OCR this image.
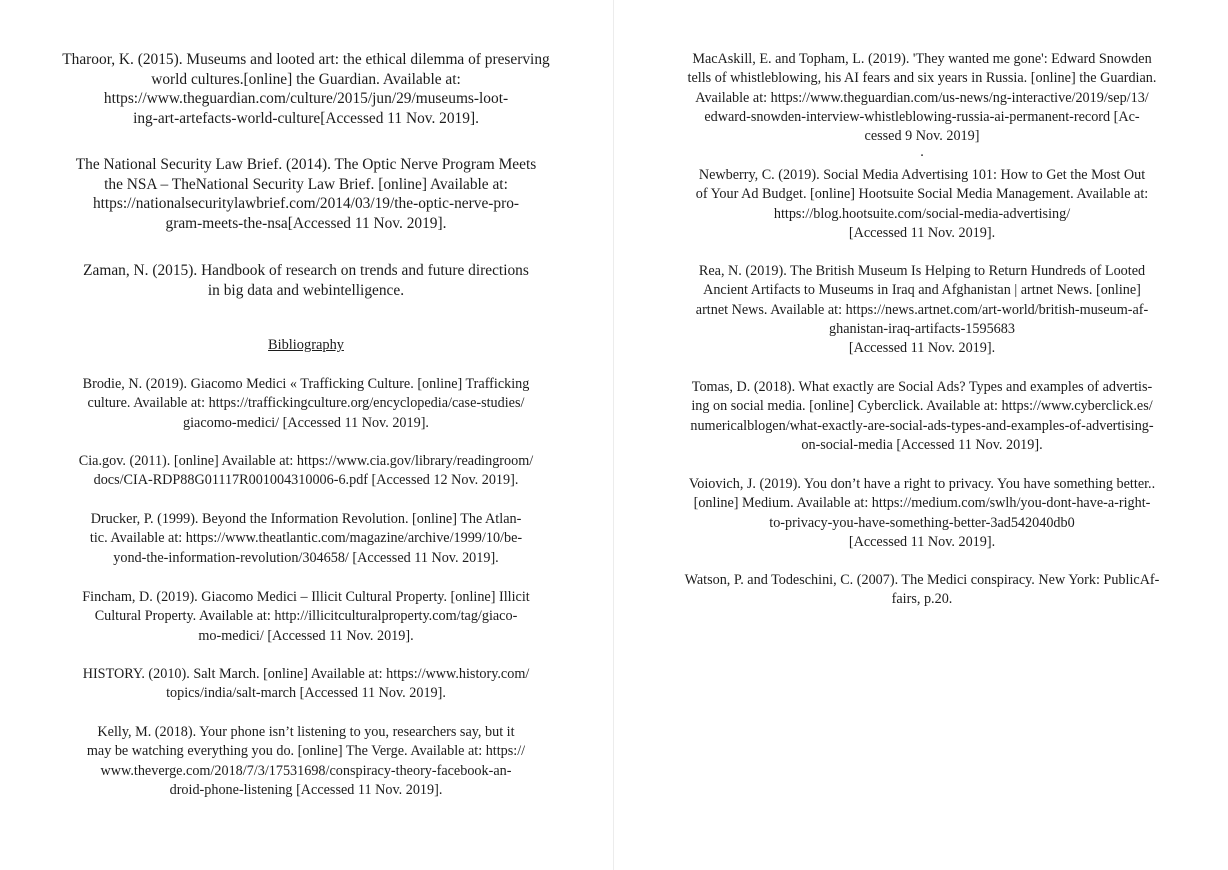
Tharoor, K. (2015). Museums and looted art: the ethical dilemma of preserving
world cultures.[online] the Guardian. Available at:
https://www.theguardian.com/culture/2015/jun/29/museums-loot-
ing-art-artefacts-world-culture[Accessed 11 Nov. 2019].

The National Security Law Brief. (2014). The Optic Nerve Program Meets
the NSA – TheNational Security Law Brief. [online] Available at:
https://nationalsecuritylawbrief.com/2014/03/19/the-optic-nerve-pro-
gram-meets-the-nsa[Accessed 11 Nov. 2019].

Zaman, N. (2015). Handbook of research on trends and future directions
in big data and webintelligence.

Bibliography

Brodie, N. (2019). Giacomo Medici « Trafficking Culture. [online] Trafficking
culture. Available at: https://traffickingculture.org/encyclopedia/case-studies/
giacomo-medici/ [Accessed 11 Nov. 2019].

Cia.gov. (2011). [online] Available at: https://www.cia.gov/library/readingroom/
docs/CIA-RDP88G01117R001004310006-6.pdf [Accessed 12 Nov. 2019].

Drucker, P. (1999). Beyond the Information Revolution. [online] The Atlan-
tic. Available at: https://www.theatlantic.com/magazine/archive/1999/10/be-
yond-the-information-revolution/304658/ [Accessed 11 Nov. 2019].

Fincham, D. (2019). Giacomo Medici – Illicit Cultural Property. [online] Illicit
Cultural Property. Available at: http://illicitculturalproperty.com/tag/giaco-
mo-medici/ [Accessed 11 Nov. 2019].

HISTORY. (2010). Salt March. [online] Available at: https://www.history.com/
topics/india/salt-march [Accessed 11 Nov. 2019].

Kelly, M. (2018). Your phone isn’t listening to you, researchers say, but it
may be watching everything you do. [online] The Verge. Available at: https://
www.theverge.com/2018/7/3/17531698/conspiracy-theory-facebook-an-
droid-phone-listening [Accessed 11 Nov. 2019].

MacAskill, E. and Topham, L. (2019). 'They wanted me gone': Edward Snowden
tells of whistleblowing, his AI fears and six years in Russia. [online] the Guardian.
Available at: https://www.theguardian.com/us-news/ng-interactive/2019/sep/13/
edward-snowden-interview-whistleblowing-russia-ai-permanent-record [Ac-
cessed 9 Nov. 2019]
.

Newberry, C. (2019). Social Media Advertising 101: How to Get the Most Out
of Your Ad Budget. [online] Hootsuite Social Media Management. Available at:
https://blog.hootsuite.com/social-media-advertising/
[Accessed 11 Nov. 2019].

Rea, N. (2019). The British Museum Is Helping to Return Hundreds of Looted
Ancient Artifacts to Museums in Iraq and Afghanistan | artnet News. [online]
artnet News. Available at: https://news.artnet.com/art-world/british-museum-af-
ghanistan-iraq-artifacts-1595683
[Accessed 11 Nov. 2019].

Tomas, D. (2018). What exactly are Social Ads? Types and examples of advertis-
ing on social media. [online] Cyberclick. Available at: https://www.cyberclick.es/
numericalblogen/what-exactly-are-social-ads-types-and-examples-of-advertising-
on-social-media [Accessed 11 Nov. 2019].

Voiovich, J. (2019). You don’t have a right to privacy. You have something better..
[online] Medium. Available at: https://medium.com/swlh/you-dont-have-a-right-
to-privacy-you-have-something-better-3ad542040db0
[Accessed 11 Nov. 2019].

Watson, P. and Todeschini, C. (2007). The Medici conspiracy. New York: PublicAf-
fairs, p.20.
